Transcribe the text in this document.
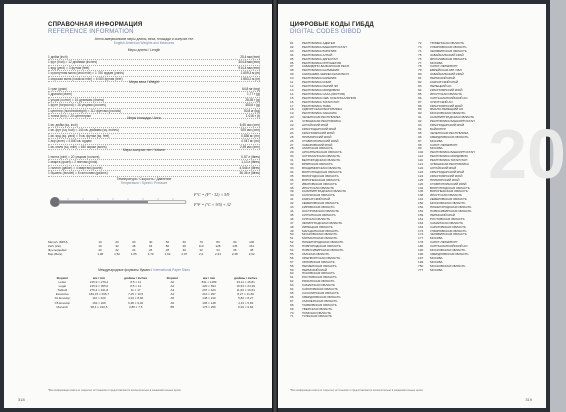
СПРАВОЧНАЯ ИНФОРМАЦИЯ
REFERENCE INFORMATION
Англо-американские меры длины, веса, площади и сыпучих тел
English-American Weights and Measures
Меры длины / Length
1 дюйм (inch)	25,4 мм (mm)
1 фут (foot) = 12 дюймам (inches)	304,8 мм (mm)
1 ярд (yard) = 3 футам (feet)	914,4 мм (mm)
1 сухопутная миля (land mile) = 1 760 ярдам (yards)	1 609,3 м (m)
1 морская миля (nautical mile) = 6 080 футам (feet)	1 853,2 м (m)
Меры веса / Weight
1 гран (grain)	64,8 мг (mg)
1 драхма (dram)	1,77 г (g)
1 унция (ounce) = 16 драхмам (drams)	28,35 г (g)
1 фунт (torpound) = 16 унциям (ounces)	453,6 г (g)
1 центнер (hundredweight) = 112 фунтам (pounds)	50,8 кг (kg)
1 тонна (ton) = 20 центнерам	1 016 т (t)
Меры площади / Area
1 кв. дюйм (sq. inch)	6,45 см² (cm²)
1 кв. фут (sq. foot) = 144 кв. дюймам (sq. inches)	929 см² (cm²)
1 кв. ярд (sq. yard) = 9 кв. футам (sq. feet)	0,836 м² (m²)
1 акр (acre) = 4 840 кв. ярдам	4 047 м² (m²)
1 кв. миля (sq. mile) = 640 акрам (acres)	2,59 км² (km²)
Меры сыпучих тел / Volume
1 пинта (pint) = 20 унциям (ounces)	0,57 л (litres)
1 кварта (quart) = 2 пинтам (pints)	1,13 л (litres)
1 галлон (gallon) = 4 квартам (quarts)	4,546 л (litres)
1 бушель (bushel) = 8 галлонам (gallons)	36,36 л (litres)
Температура / Скорость / Давление
Temperature / Speed / Pressure
F°C = (F° - 32) × 5/9
F°F = (°C × 9/5) + 32
Мили/ч (MPH)	10	20	30	40	50	60	70	80	90	100
Км/ч (Км)	16	32	48	64	80	96	113	128	145	161
Фунты/дюйм²	20	22	24	26	28	30	32	34	36	38
Бар (Bars)	1,38	1,52	1,65	1,79	1,93	2,07	2,2	2,34	2,48	2,62
Международные форматы бумаги / International Paper Sizes
Формат	мм / mm	дюймы / inches	Формат	мм / mm	дюймы / inches
Letter	215,9 × 279,4	8,5 × 11	A0	841 × 1189	33,11 × 46,81
Legal	215,9 × 355,6	8,5 × 14	A2	420 × 594	16,54 × 23,39
Tabloid	279,4 × 431,8	11 × 17	A3	297 × 420	11,69 × 16,54
Executive	184,15 × 266,7	7,25 × 10,5	A4	210 × 297	8,27 × 11,69
DL Envelop	110 × 220	4,33 × 8,66	A5	148 × 210	5,83 × 8,27
C5 Envelop	162 × 229	6,38 × 9,02	A6	105 × 148	4,13 × 5,83
Monarch	98,4 × 190,5	3,88 × 7,5	B5	176 × 250	6,93 × 9,84
*Вся информация взята из открытых источников и предоставляется исключительно в ознакомительных целях
318
20
ЦИФРОВЫЕ КОДЫ ГИБДД
DIGITAL CODES GIBDD
01	РЕСПУБЛИКА АДЫГЕЯ
02	РЕСПУБЛИКА БАШКОРТОСТАН
03	РЕСПУБЛИКА БУРЯТИЯ
04	РЕСПУБЛИКА АЛТАЙ
05	РЕСПУБЛИКА ДАГЕСТАН
06	РЕСПУБЛИКА ИНГУШЕТИЯ
07	КАБАРДИНО-БАЛКАРСКАЯ РЕСП.
08	РЕСПУБЛИКА КАЛМЫКИЯ
09	КАРАЧАЕВО-ЧЕРКЕССКАЯ РЕСП.
10	РЕСПУБЛИКА КАРЕЛИЯ
11	РЕСПУБЛИКА КОМИ
12	РЕСПУБЛИКА МАРИЙ ЭЛ
13	РЕСПУБЛИКА МОРДОВИЯ
14	РЕСПУБЛИКА САХА (ЯКУТИЯ)
15	РЕСПУБЛИКА СЕВ. ОСЕТИЯ-АЛАНИЯ
16	РЕСПУБЛИКА ТАТАРСТАН
17	РЕСПУБЛИКА ТЫВА
18	УДМУРТСКАЯ РЕСПУБЛИКА
19	РЕСПУБЛИКА ХАКАСИЯ
20	ЧЕЧЕНСКАЯ РЕСПУБЛИКА
21	ЧУВАШСКАЯ РЕСПУБЛИКА
22	АЛТАЙСКИЙ КРАЙ
23	КРАСНОДАРСКИЙ КРАЙ
24	КРАСНОЯРСКИЙ КРАЙ
25	ПРИМОРСКИЙ КРАЙ
26	СТАВРОПОЛЬСКИЙ КРАЙ
27	ХАБАРОВСКИЙ КРАЙ
28	АМУРСКАЯ ОБЛАСТЬ
29	АРХАНГЕЛЬСКАЯ ОБЛАСТЬ
30	АСТРАХАНСКАЯ ОБЛАСТЬ
31	БЕЛГОРОДСКАЯ ОБЛАСТЬ
32	БРЯНСКАЯ ОБЛАСТЬ
33	ВЛАДИМИРСКАЯ ОБЛАСТЬ
34	ВОЛГОГРАДСКАЯ ОБЛАСТЬ
35	ВОЛОГОДСКАЯ ОБЛАСТЬ
36	ВОРОНЕЖСКАЯ ОБЛАСТЬ
37	ИВАНОВСКАЯ ОБЛАСТЬ
38	ИРКУТСКАЯ ОБЛАСТЬ
39	КАЛИНИНГРАДСКАЯ ОБЛАСТЬ
40	КАЛУЖСКАЯ ОБЛАСТЬ
41	КАМЧАТСКИЙ КРАЙ
42	КЕМЕРОВСКАЯ ОБЛАСТЬ
43	КИРОВСКАЯ ОБЛАСТЬ
44	КОСТРОМСКАЯ ОБЛАСТЬ
45	КУРГАНСКАЯ ОБЛАСТЬ
46	КУРСКАЯ ОБЛАСТЬ
47	ЛЕНИНГРАДСКАЯ ОБЛАСТЬ
48	ЛИПЕЦКАЯ ОБЛАСТЬ
49	МАГАДАНСКАЯ ОБЛАСТЬ
50	МОСКОВСКАЯ ОБЛАСТЬ
51	МУРМАНСКАЯ ОБЛАСТЬ
52	НИЖЕГОРОДСКАЯ ОБЛАСТЬ
53	НОВГОРОДСКАЯ ОБЛАСТЬ
54	НОВОСИБИРСКАЯ ОБЛАСТЬ
55	ОМСКАЯ ОБЛАСТЬ
56	ОРЕНБУРГСКАЯ ОБЛАСТЬ
57	ОРЛОВСКАЯ ОБЛАСТЬ
58	ПЕНЗЕНСКАЯ ОБЛАСТЬ
59	ПЕРМСКИЙ КРАЙ
60	ПСКОВСКАЯ ОБЛАСТЬ
61	РОСТОВСКАЯ ОБЛАСТЬ
62	РЯЗАНСКАЯ ОБЛАСТЬ
63	САМАРСКАЯ ОБЛАСТЬ
64	САРАТОВСКАЯ ОБЛАСТЬ
65	САХАЛИНСКАЯ ОБЛАСТЬ
66	СВЕРДЛОВСКАЯ ОБЛАСТЬ
67	СМОЛЕНСКАЯ ОБЛАСТЬ
68	ТАМБОВСКАЯ ОБЛАСТЬ
69	ТВЕРСКАЯ ОБЛАСТЬ
70	ТОМСКАЯ ОБЛАСТЬ
71	ТУЛЬСКАЯ ОБЛАСТЬ
72	ТЮМЕНСКАЯ ОБЛАСТЬ
73	УЛЬЯНОВСКАЯ ОБЛАСТЬ
74	ЧЕЛЯБИНСКАЯ ОБЛАСТЬ
75	ЗАБАЙКАЛЬСКИЙ КРАЙ
76	ЯРОСЛАВСКАЯ ОБЛАСТЬ
77	МОСКВА
78	САНКТ-ПЕТЕРБУРГ
79	ЕВРЕЙСКАЯ АВТ. ОБЛ.
80	ЗАБАЙКАЛЬСКИЙ КРАЙ
81	ПЕРМСКИЙ КРАЙ
82	КАМЧАТСКИЙ КРАЙ
83	НЕНЕЦКИЙ АО
84	КРАСНОЯРСКИЙ КРАЙ
85	ИРКУТСКАЯ ОБЛАСТЬ
86	ХАНТЫ-МАНСИЙСКИЙ АО
87	ЧУКОТСКИЙ АО
88	КРАСНОЯРСКИЙ КРАЙ
89	ЯМАЛО-НЕНЕЦКИЙ АО
90	МОСКОВСКАЯ ОБЛАСТЬ
91	КАЛИНИНГРАДСКАЯ ОБЛАСТЬ
92	РЕСПУБЛИКА БАШКОРТОСТАН
93	КРАСНОДАРСКИЙ КРАЙ
94	БАЙКОНУР
95	ЧЕЧЕНСКАЯ РЕСПУБЛИКА
96	СВЕРДЛОВСКАЯ ОБЛАСТЬ
97	МОСКВА
98	САНКТ-ПЕТЕРБУРГ
99	МОСКВА
102	РЕСПУБЛИКА БАШКОРТОСТАН
113	РЕСПУБЛИКА МОРДОВИЯ
116	РЕСПУБЛИКА ТАТАРСТАН
121	ЧУВАШСКАЯ РЕСПУБЛИКА
122	АЛТАЙСКИЙ КРАЙ
123	КРАСНОДАРСКИЙ КРАЙ
124	КРАСНОЯРСКИЙ КРАЙ
125	ПРИМОРСКИЙ КРАЙ
126	СТАВРОПОЛЬСКИЙ КРАЙ
134	ВОЛГОГРАДСКАЯ ОБЛАСТЬ
136	ВОРОНЕЖСКАЯ ОБЛАСТЬ
138	ИРКУТСКАЯ ОБЛАСТЬ
142	КЕМЕРОВСКАЯ ОБЛАСТЬ
150	МОСКОВСКАЯ ОБЛАСТЬ
152	НИЖЕГОРОДСКАЯ ОБЛАСТЬ
154	НОВОСИБИРСКАЯ ОБЛАСТЬ
159	ПЕРМСКИЙ КРАЙ
161	РОСТОВСКАЯ ОБЛАСТЬ
163	САМАРСКАЯ ОБЛАСТЬ
164	САРАТОВСКАЯ ОБЛАСТЬ
173	УЛЬЯНОВСКАЯ ОБЛАСТЬ
174	ЧЕЛЯБИНСКАЯ ОБЛАСТЬ
177	МОСКВА
178	САНКТ-ПЕТЕРБУРГ
186	ХАНТЫ-МАНСИЙСКИЙ АО
190	МОСКОВСКАЯ ОБЛАСТЬ
196	СВЕРДЛОВСКАЯ ОБЛАСТЬ
197	МОСКВА
199	МОСКВА
750	МОСКОВСКАЯ ОБЛАСТЬ
777	МОСКВА
*Вся информация взята из открытых источников и предоставляется исключительно в ознакомительных целях
319
